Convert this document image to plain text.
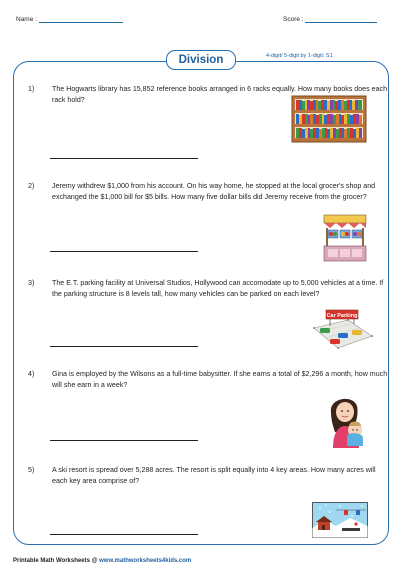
Name :	Score :
Division	4-digit/ 5-digit by 1-digit: S1
1) The Hogwarts library has 15,852 reference books arranged in 6 racks equally. How many books does each rack hold?
2) Jeremy withdrew $1,000 from his account. On his way home, he stopped at the local grocer's shop and exchanged the $1,000 bill for $5 bills. How many five dollar bills did Jeremy receive from the grocer?
3) The E.T. parking facility at Universal Studios, Hollywood can accomodate up to 5,000 vehicles at a time. If the parking structure is 8 levels tall, how many vehicles can be parked on each level?
Car Parking
4) Gina is employed by the Wilsons as a full-time babysitter. If she earns a total of $2,296 a month, how much will she earn in a week?
5) A ski resort is spread over 5,288 acres. The resort is split equally into 4 key areas. How many acres will each key area comprise of?
Printable Math Worksheets @ www.mathworksheets4kids.com
